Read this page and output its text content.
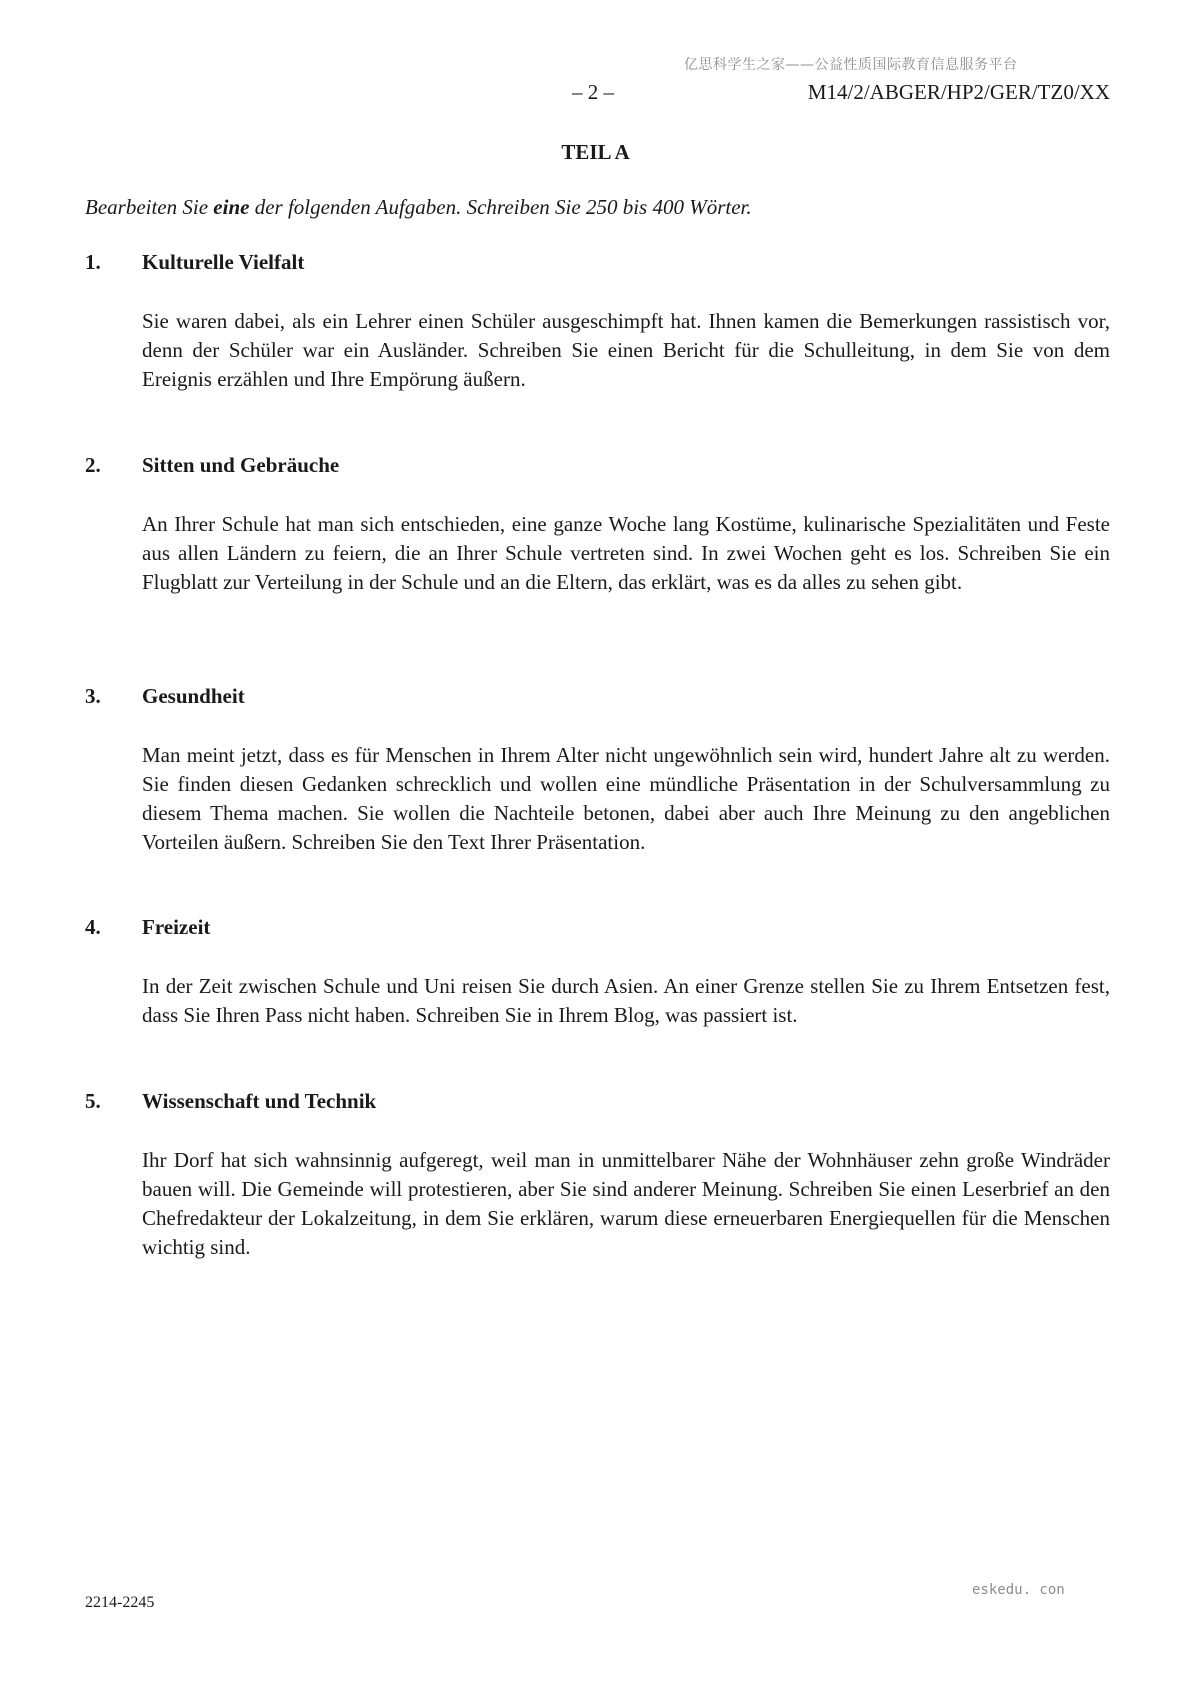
亿思科学生之家——公益性质国际教育信息服务平台
– 2 –	M14/2/ABGER/HP2/GER/TZ0/XX
TEIL A
Bearbeiten Sie eine der folgenden Aufgaben. Schreiben Sie 250 bis 400 Wörter.
1. Kulturelle Vielfalt
Sie waren dabei, als ein Lehrer einen Schüler ausgeschimpft hat. Ihnen kamen die Bemerkungen rassistisch vor, denn der Schüler war ein Ausländer. Schreiben Sie einen Bericht für die Schulleitung, in dem Sie von dem Ereignis erzählen und Ihre Empörung äußern.
2. Sitten und Gebräuche
An Ihrer Schule hat man sich entschieden, eine ganze Woche lang Kostüme, kulinarische Spezialitäten und Feste aus allen Ländern zu feiern, die an Ihrer Schule vertreten sind. In zwei Wochen geht es los. Schreiben Sie ein Flugblatt zur Verteilung in der Schule und an die Eltern, das erklärt, was es da alles zu sehen gibt.
3. Gesundheit
Man meint jetzt, dass es für Menschen in Ihrem Alter nicht ungewöhnlich sein wird, hundert Jahre alt zu werden. Sie finden diesen Gedanken schrecklich und wollen eine mündliche Präsentation in der Schulversammlung zu diesem Thema machen. Sie wollen die Nachteile betonen, dabei aber auch Ihre Meinung zu den angeblichen Vorteilen äußern. Schreiben Sie den Text Ihrer Präsentation.
4. Freizeit
In der Zeit zwischen Schule und Uni reisen Sie durch Asien. An einer Grenze stellen Sie zu Ihrem Entsetzen fest, dass Sie Ihren Pass nicht haben. Schreiben Sie in Ihrem Blog, was passiert ist.
5. Wissenschaft und Technik
Ihr Dorf hat sich wahnsinnig aufgeregt, weil man in unmittelbarer Nähe der Wohnhäuser zehn große Windräder bauen will. Die Gemeinde will protestieren, aber Sie sind anderer Meinung. Schreiben Sie einen Leserbrief an den Chefredakteur der Lokalzeitung, in dem Sie erklären, warum diese erneuerbaren Energiequellen für die Menschen wichtig sind.
2214-2245
eskedu. con
